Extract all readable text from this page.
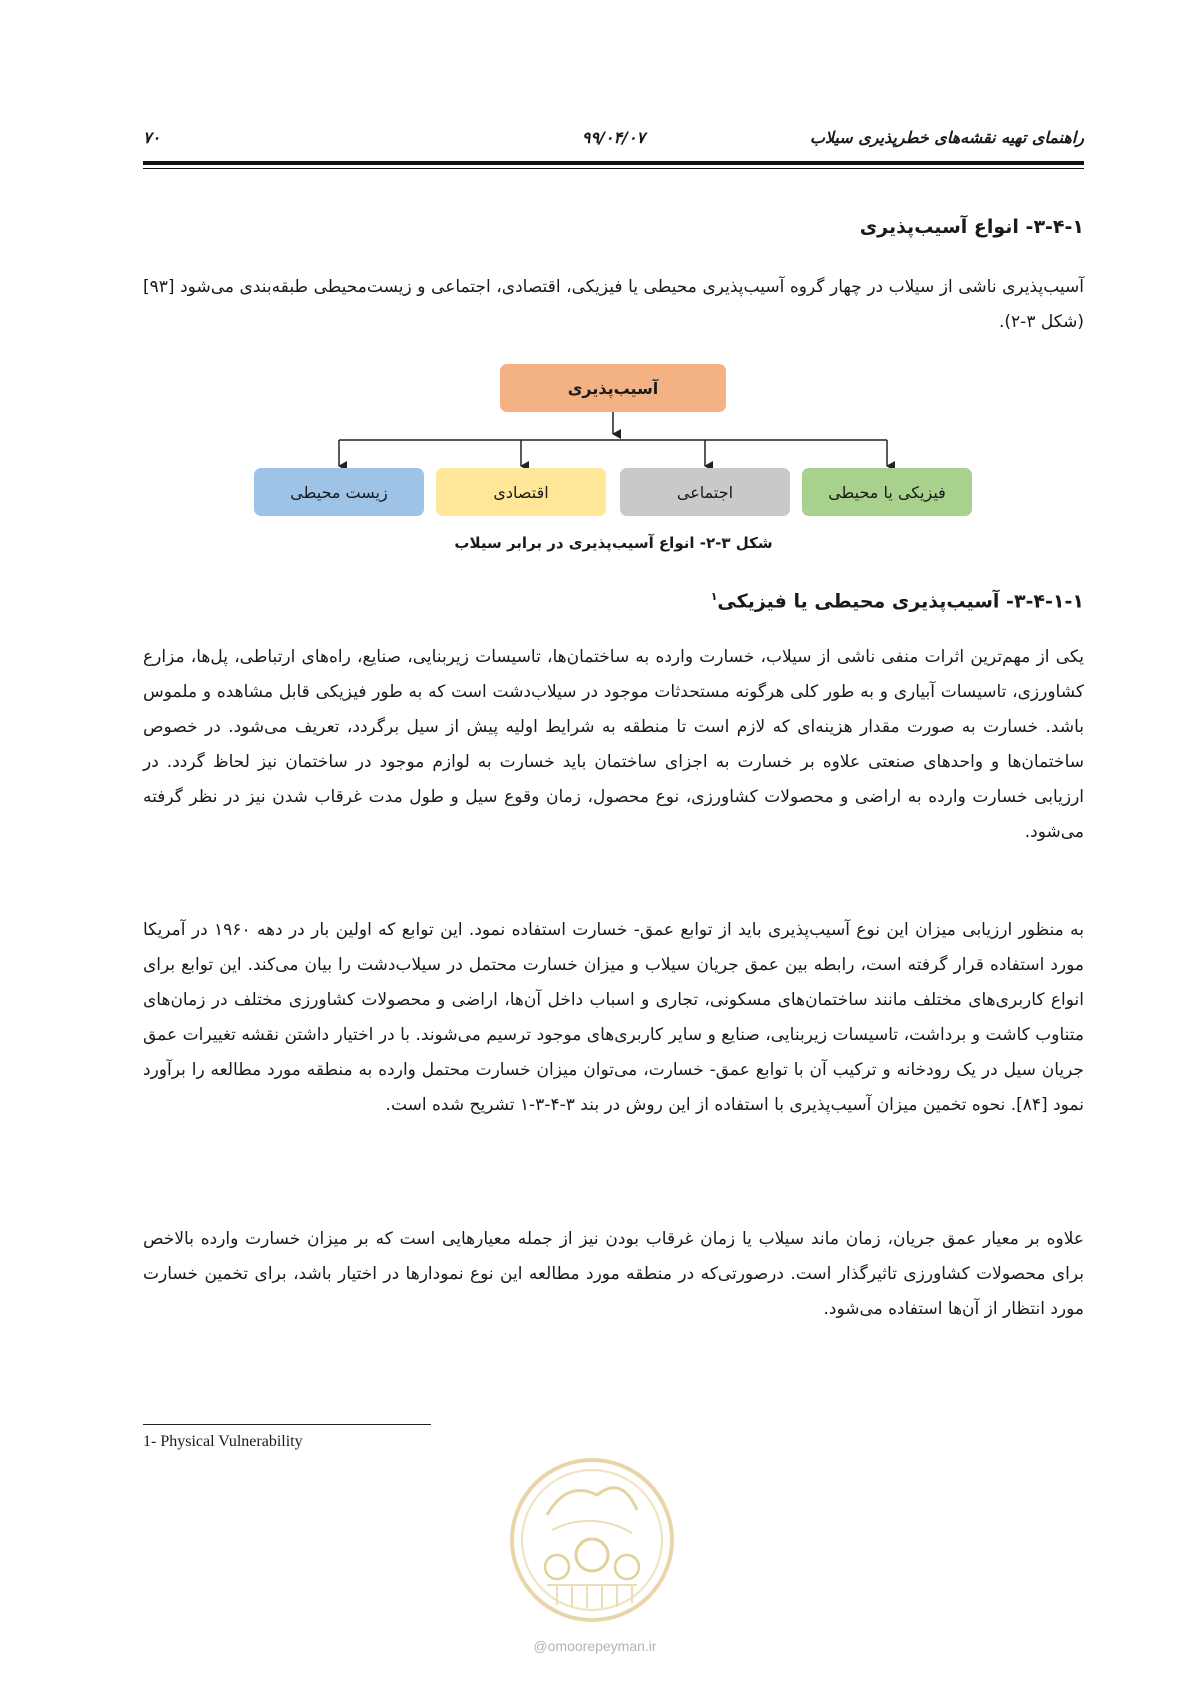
۷۰	۹۹/۰۴/۰۷	راهنمای تهیه نقشه‌های خطرپذیری سیلاب
۳-۴-۱- انواع آسیب‌پذیری

آسیب‌پذیری ناشی از سیلاب در چهار گروه آسیب‌پذیری محیطی یا فیزیکی، اقتصادی، اجتماعی و زیست‌محیطی طبقه‌بندی می‌شود [۹۳] (شکل ۳-۲).

آسیب‌پذیری
فیزیکی یا محیطی
اجتماعی
اقتصادی
زیست محیطی
شکل ۳-۲- انواع آسیب‌پذیری در برابر سیلاب
۳-۴-۱-۱- آسیب‌پذیری محیطی یا فیزیکی$^۱$

یکی از مهم‌ترین اثرات منفی ناشی از سیلاب، خسارت وارده به ساختمان‌ها، تاسیسات زیربنایی، صنایع، راه‌های ارتباطی، پل‌ها، مزارع کشاورزی، تاسیسات آبیاری و به طور کلی هرگونه مستحدثات موجود در سیلاب‌دشت است که به طور فیزیکی قابل مشاهده و ملموس باشد. خسارت به صورت مقدار هزینه‌ای که لازم است تا منطقه به شرایط اولیه پیش از سیل برگردد، تعریف می‌شود. در خصوص ساختمان‌ها و واحدهای صنعتی علاوه بر خسارت به اجزای ساختمان باید خسارت به لوازم موجود در ساختمان نیز لحاظ گردد. در ارزیابی خسارت وارده به اراضی و محصولات کشاورزی، نوع محصول، زمان وقوع سیل و طول مدت غرقاب شدن نیز در نظر گرفته می‌شود.

به منظور ارزیابی میزان این نوع آسیب‌پذیری باید از توابع عمق- خسارت استفاده نمود. این توابع که اولین بار در دهه ۱۹۶۰ در آمریکا مورد استفاده قرار گرفته است، رابطه بین عمق جریان سیلاب و میزان خسارت محتمل در سیلاب‌دشت را بیان می‌کند. این توابع برای انواع کاربری‌های مختلف مانند ساختمان‌های مسکونی، تجاری و اسباب داخل آن‌ها، اراضی و محصولات کشاورزی مختلف در زمان‌های متناوب کاشت و برداشت، تاسیسات زیربنایی، صنایع و سایر کاربری‌های موجود ترسیم می‌شوند. با در اختیار داشتن نقشه تغییرات عمق جریان سیل در یک رودخانه و ترکیب آن با توابع عمق- خسارت، می‌توان میزان خسارت محتمل وارده به منطقه مورد مطالعه را برآورد نمود [۸۴]. نحوه تخمین میزان آسیب‌پذیری با استفاده از این روش در بند ۳-۴-۳-۱ تشریح شده است.

علاوه بر معیار عمق جریان، زمان ماند سیلاب یا زمان غرقاب بودن نیز از جمله معیارهایی است که بر میزان خسارت وارده بالاخص برای محصولات کشاورزی تاثیرگذار است. درصورتی‌که در منطقه مورد مطالعه این نوع نمودارها در اختیار باشد، برای تخمین خسارت مورد انتظار از آن‌ها استفاده می‌شود.

1- Physical Vulnerability
@omoorepeyman.ir
